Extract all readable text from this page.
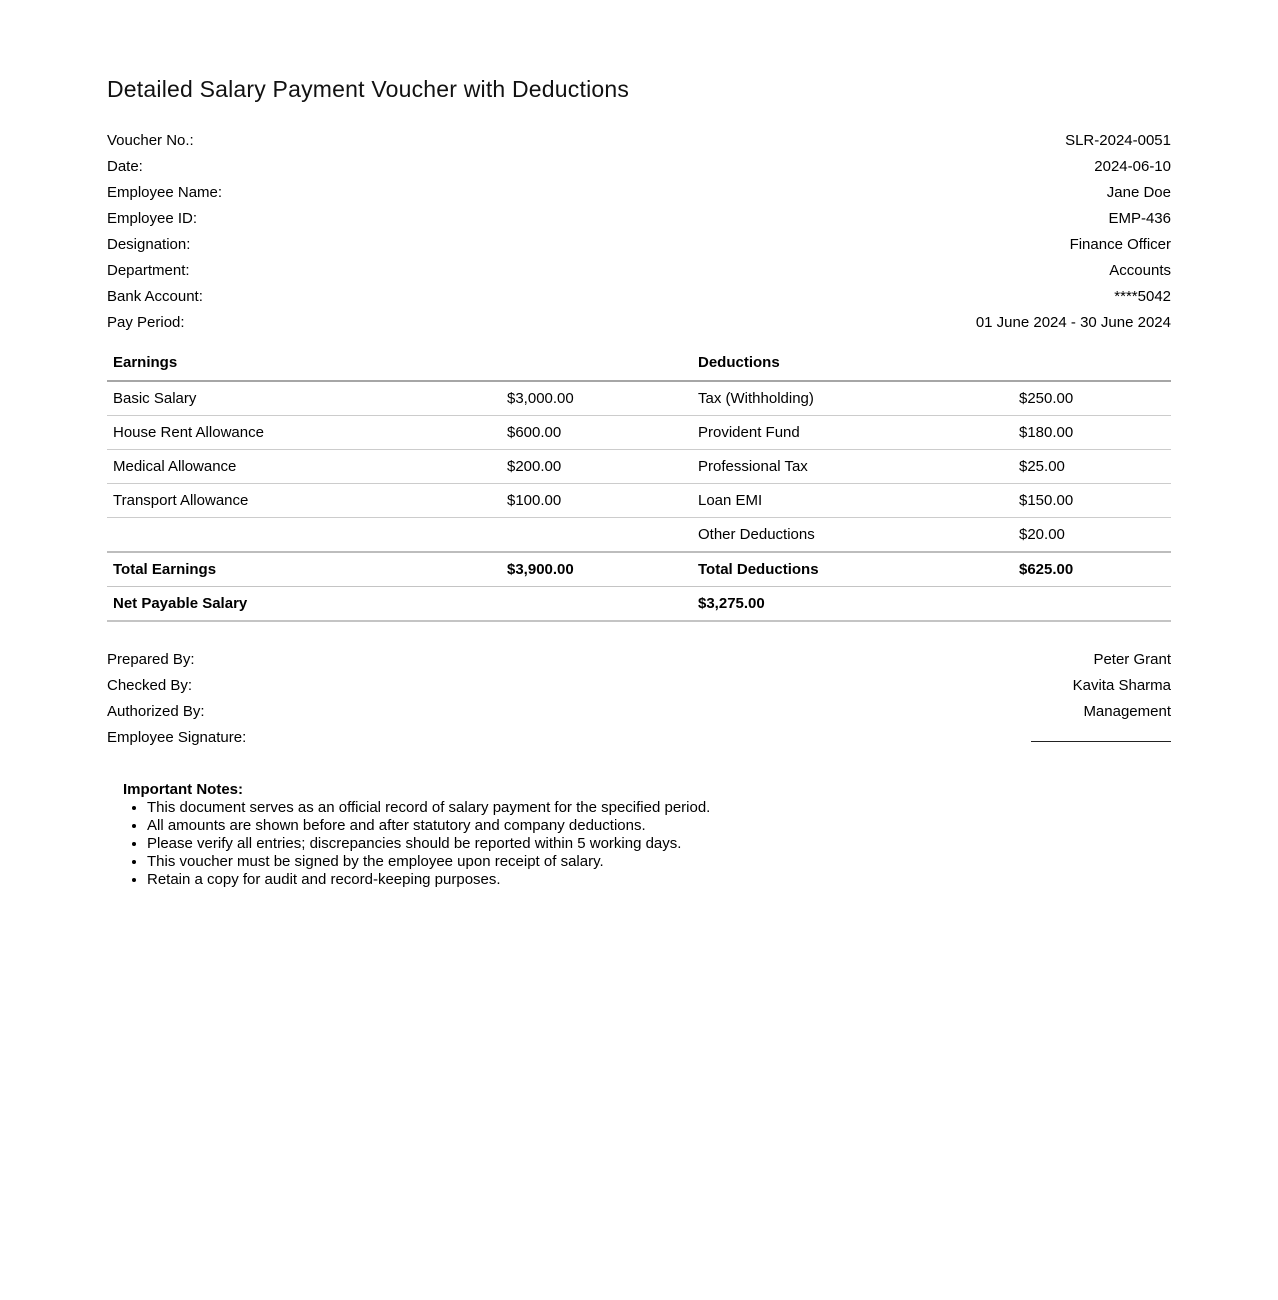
Detailed Salary Payment Voucher with Deductions
Voucher No.:	SLR-2024-0051
Date:	2024-06-10
Employee Name:	Jane Doe
Employee ID:	EMP-436
Designation:	Finance Officer
Department:	Accounts
Bank Account:	****5042
Pay Period:	01 June 2024 - 30 June 2024
Earnings		Deductions	
Basic Salary	$3,000.00	Tax (Withholding)	$250.00
House Rent Allowance	$600.00	Provident Fund	$180.00
Medical Allowance	$200.00	Professional Tax	$25.00
Transport Allowance	$100.00	Loan EMI	$150.00
		Other Deductions	$20.00
Total Earnings	$3,900.00	Total Deductions	$625.00
Net Payable Salary		$3,275.00	
Prepared By:	Peter Grant
Checked By:	Kavita Sharma
Authorized By:	Management
Employee Signature:
Important Notes:
• This document serves as an official record of salary payment for the specified period.
• All amounts are shown before and after statutory and company deductions.
• Please verify all entries; discrepancies should be reported within 5 working days.
• This voucher must be signed by the employee upon receipt of salary.
• Retain a copy for audit and record-keeping purposes.
